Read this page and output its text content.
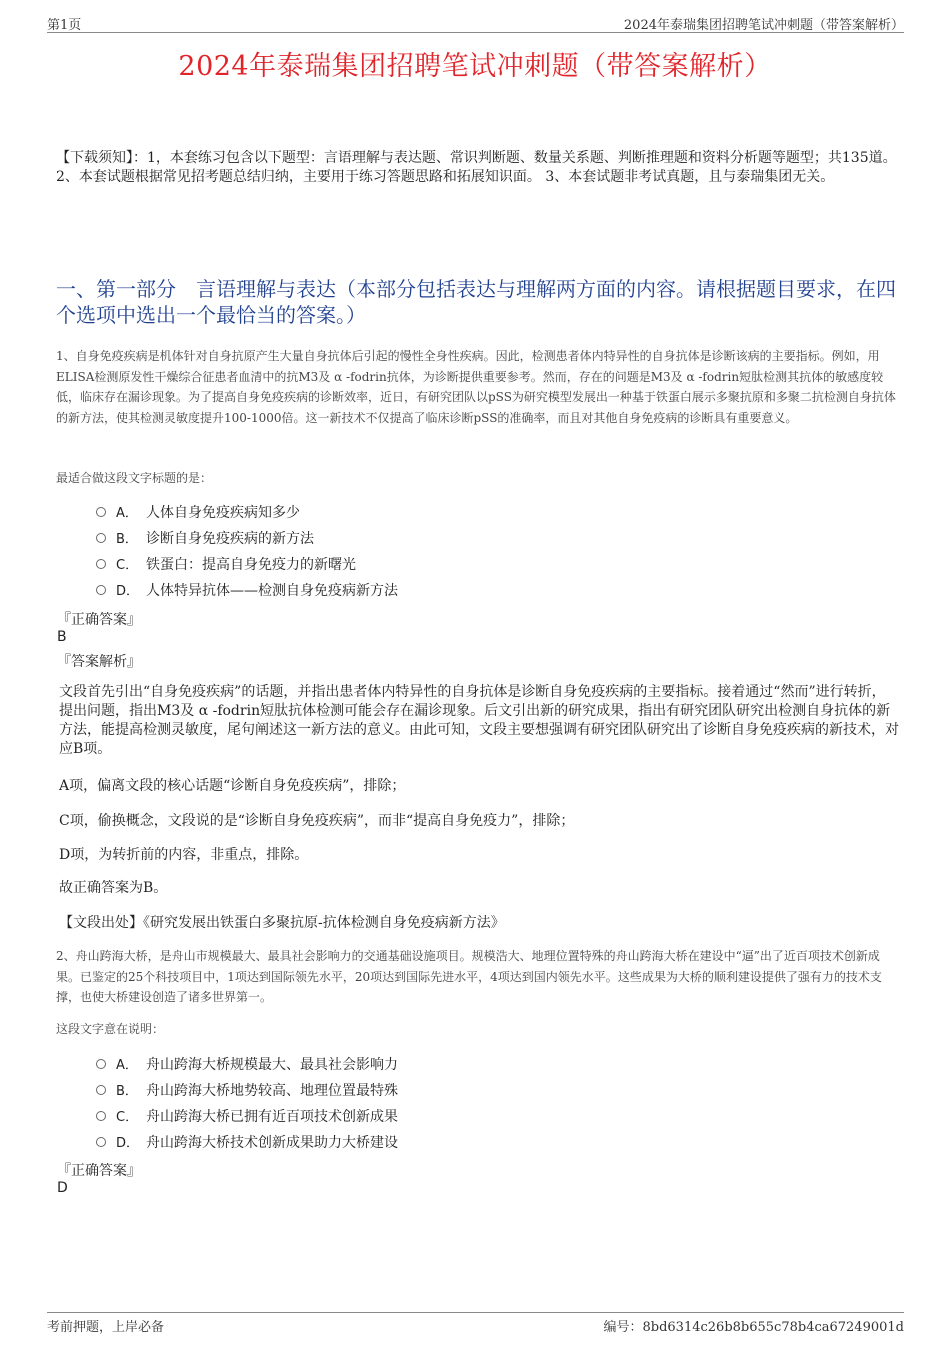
第1页	2024年泰瑞集团招聘笔试冲刺题（带答案解析）
2024年泰瑞集团招聘笔试冲刺题（带答案解析）
【下载须知】：1，本套练习包含以下题型：言语理解与表达题、常识判断题、数量关系题、判断推理题和资料分析题等题型；共135道。 2、本套试题根据常见招考题总结归纳，主要用于练习答题思路和拓展知识面。 3、本套试题非考试真题，且与泰瑞集团无关。
一、第一部分　言语理解与表达（本部分包括表达与理解两方面的内容。请根据题目要求，在四个选项中选出一个最恰当的答案。）
1、自身免疫疾病是机体针对自身抗原产生大量自身抗体后引起的慢性全身性疾病。因此，检测患者体内特异性的自身抗体是诊断该病的主要指标。例如，用ELISA检测原发性干燥综合征患者血清中的抗M3及 α -fodrin抗体，为诊断提供重要参考。然而，存在的问题是M3及 α -fodrin短肽检测其抗体的敏感度较低，临床存在漏诊现象。为了提高自身免疫疾病的诊断效率，近日，有研究团队以pSS为研究模型发展出一种基于铁蛋白展示多聚抗原和多聚二抗检测自身抗体的新方法，使其检测灵敏度提升100-1000倍。这一新技术不仅提高了临床诊断pSS的准确率，而且对其他自身免疫病的诊断具有重要意义。
最适合做这段文字标题的是：
A． 人体自身免疫疾病知多少
B． 诊断自身免疫疾病的新方法
C． 铁蛋白：提高自身免疫力的新曙光
D． 人体特异抗体——检测自身免疫病新方法
『正确答案』
B
『答案解析』
文段首先引出“自身免疫疾病”的话题，并指出患者体内特异性的自身抗体是诊断自身免疫疾病的主要指标。接着通过“然而”进行转折，提出问题，指出M3及 α -fodrin短肽抗体检测可能会存在漏诊现象。后文引出新的研究成果，指出有研究团队研究出检测自身抗体的新方法，能提高检测灵敏度，尾句阐述这一新方法的意义。由此可知，文段主要想强调有研究团队研究出了诊断自身免疫疾病的新技术，对应B项。
A项，偏离文段的核心话题“诊断自身免疫疾病”，排除；
C项，偷换概念，文段说的是“诊断自身免疫疾病”，而非“提高自身免疫力”，排除；
D项，为转折前的内容，非重点，排除。
故正确答案为B。
【文段出处】《研究发展出铁蛋白多聚抗原-抗体检测自身免疫病新方法》
2、舟山跨海大桥，是舟山市规模最大、最具社会影响力的交通基础设施项目。规模浩大、地理位置特殊的舟山跨海大桥在建设中“逼”出了近百项技术创新成果。已鉴定的25个科技项目中，1项达到国际领先水平，20项达到国际先进水平，4项达到国内领先水平。这些成果为大桥的顺利建设提供了强有力的技术支撑，也使大桥建设创造了诸多世界第一。
这段文字意在说明：
A． 舟山跨海大桥规模最大、最具社会影响力
B． 舟山跨海大桥地势较高、地理位置最特殊
C． 舟山跨海大桥已拥有近百项技术创新成果
D． 舟山跨海大桥技术创新成果助力大桥建设
『正确答案』
D
考前押题，上岸必备	编号：8bd6314c26b8b655c78b4ca67249001d
